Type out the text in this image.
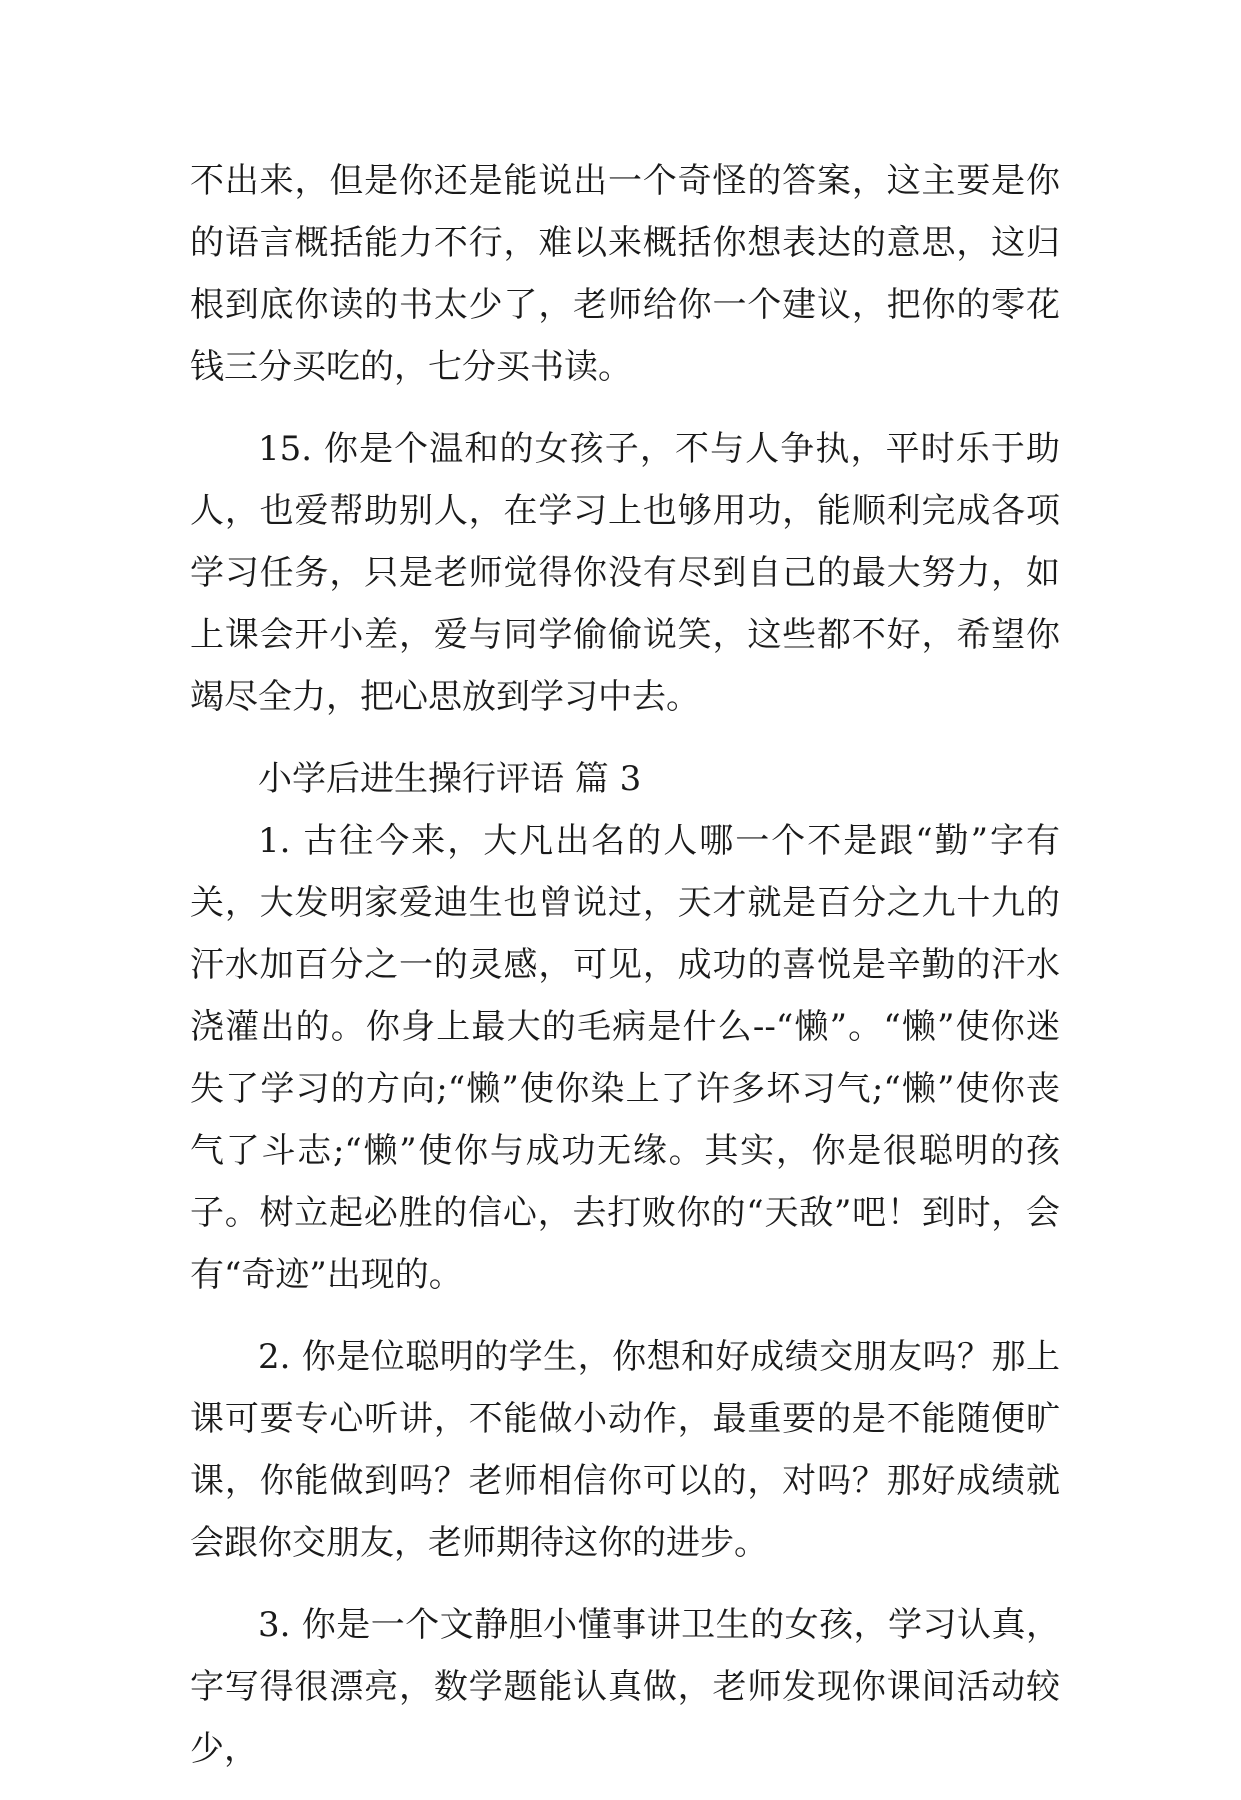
不出来，但是你还是能说出一个奇怪的答案，这主要是你的语言概括能力不行，难以来概括你想表达的意思，这归根到底你读的书太少了，老师给你一个建议，把你的零花钱三分买吃的，七分买书读。

15. 你是个温和的女孩子，不与人争执，平时乐于助人，也爱帮助别人，在学习上也够用功，能顺利完成各项学习任务，只是老师觉得你没有尽到自己的最大努力，如上课会开小差，爱与同学偷偷说笑，这些都不好，希望你竭尽全力，把心思放到学习中去。

小学后进生操行评语 篇 3

1. 古往今来，大凡出名的人哪一个不是跟“勤”字有关，大发明家爱迪生也曾说过，天才就是百分之九十九的汗水加百分之一的灵感，可见，成功的喜悦是辛勤的汗水浇灌出的。你身上最大的毛病是什么--“懒”。“懒”使你迷失了学习的方向;“懒”使你染上了许多坏习气;“懒”使你丧气了斗志;“懒”使你与成功无缘。其实，你是很聪明的孩子。树立起必胜的信心，去打败你的“天敌”吧！到时，会有“奇迹”出现的。

2. 你是位聪明的学生，你想和好成绩交朋友吗？那上课可要专心听讲，不能做小动作，最重要的是不能随便旷课，你能做到吗？老师相信你可以的，对吗？那好成绩就会跟你交朋友，老师期待这你的进步。

3. 你是一个文静胆小懂事讲卫生的女孩，学习认真，字写得很漂亮，数学题能认真做，老师发现你课间活动较少，
